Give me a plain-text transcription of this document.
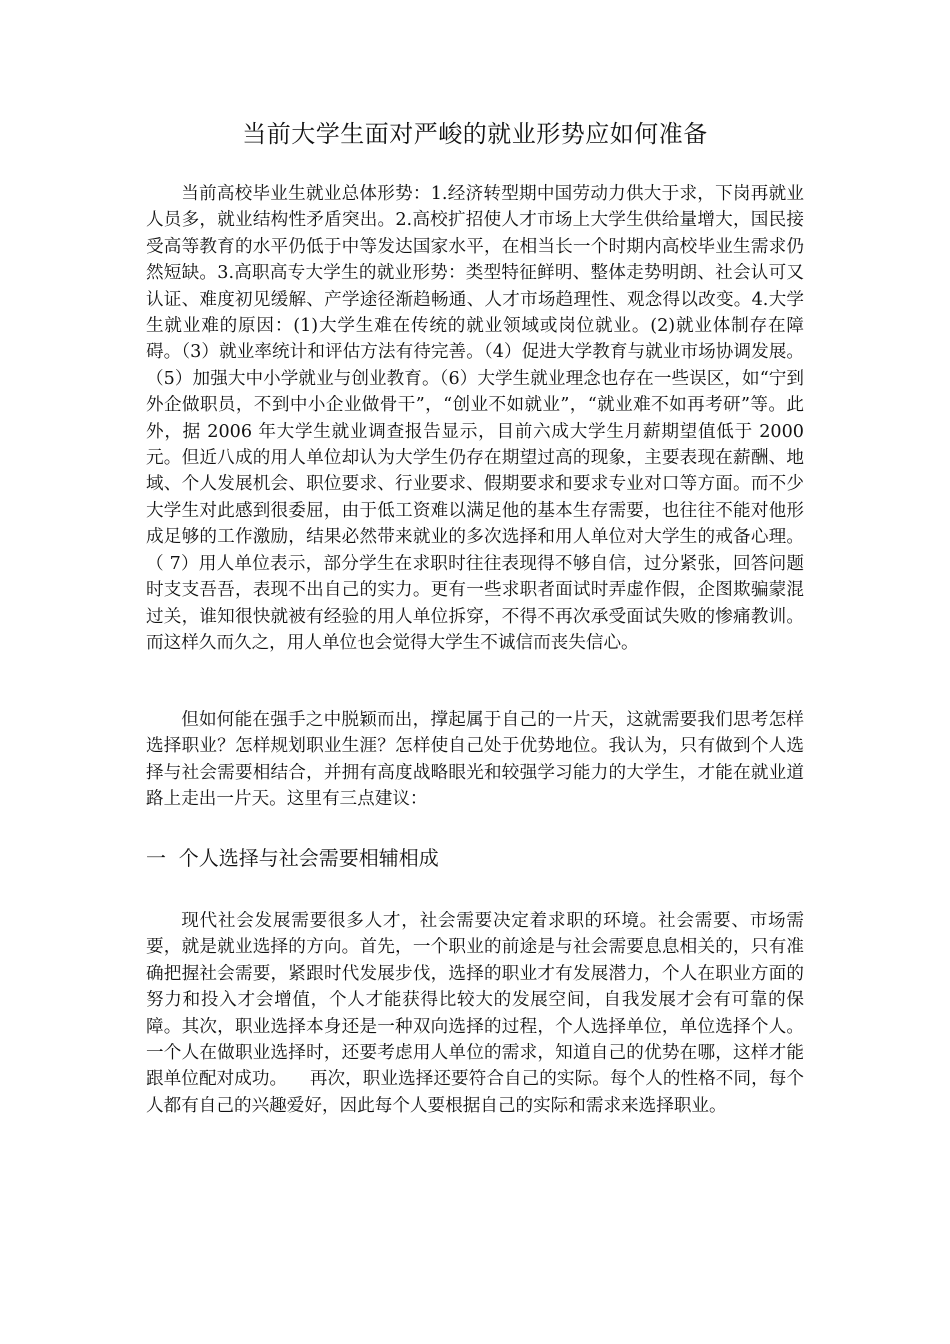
当前大学生面对严峻的就业形势应如何准备

当前高校毕业生就业总体形势：1.经济转型期中国劳动力供大于求，下岗再就业人员多，就业结构性矛盾突出。2.高校扩招使人才市场上大学生供给量增大，国民接受高等教育的水平仍低于中等发达国家水平，在相当长一个时期内高校毕业生需求仍然短缺。3.高职高专大学生的就业形势：类型特征鲜明、整体走势明朗、社会认可又认证、难度初见缓解、产学途径渐趋畅通、人才市场趋理性、观念得以改变。4.大学生就业难的原因：(1)大学生难在传统的就业领域或岗位就业。(2)就业体制存在障碍。（3）就业率统计和评估方法有待完善。（4）促进大学教育与就业市场协调发展。（5）加强大中小学就业与创业教育。（6）大学生就业理念也存在一些误区，如“宁到外企做职员，不到中小企业做骨干”，“创业不如就业”，“就业难不如再考研”等。此外，据 2006 年大学生就业调查报告显示，目前六成大学生月薪期望值低于 2000 元。但近八成的用人单位却认为大学生仍存在期望过高的现象，主要表现在薪酬、地域、个人发展机会、职位要求、行业要求、假期要求和要求专业对口等方面。而不少大学生对此感到很委屈，由于低工资难以满足他的基本生存需要，也往往不能对他形成足够的工作激励，结果必然带来就业的多次选择和用人单位对大学生的戒备心理。（ 7）用人单位表示，部分学生在求职时往往表现得不够自信，过分紧张，回答问题时支支吾吾，表现不出自己的实力。更有一些求职者面试时弄虚作假，企图欺骗蒙混过关，谁知很快就被有经验的用人单位拆穿，不得不再次承受面试失败的惨痛教训。而这样久而久之，用人单位也会觉得大学生不诚信而丧失信心。

但如何能在强手之中脱颖而出，撑起属于自己的一片天，这就需要我们思考怎样选择职业？怎样规划职业生涯？怎样使自己处于优势地位。我认为，只有做到个人选择与社会需要相结合，并拥有高度战略眼光和较强学习能力的大学生，才能在就业道路上走出一片天。这里有三点建议：

一  个人选择与社会需要相辅相成

现代社会发展需要很多人才，社会需要决定着求职的环境。社会需要、市场需要，就是就业选择的方向。首先，一个职业的前途是与社会需要息息相关的，只有准确把握社会需要，紧跟时代发展步伐，选择的职业才有发展潜力，个人在职业方面的努力和投入才会增值，个人才能获得比较大的发展空间，自我发展才会有可靠的保障。其次，职业选择本身还是一种双向选择的过程，个人选择单位，单位选择个人。一个人在做职业选择时，还要考虑用人单位的需求，知道自己的优势在哪，这样才能跟单位配对成功。    再次，职业选择还要符合自己的实际。每个人的性格不同，每个人都有自己的兴趣爱好，因此每个人要根据自己的实际和需求来选择职业。
